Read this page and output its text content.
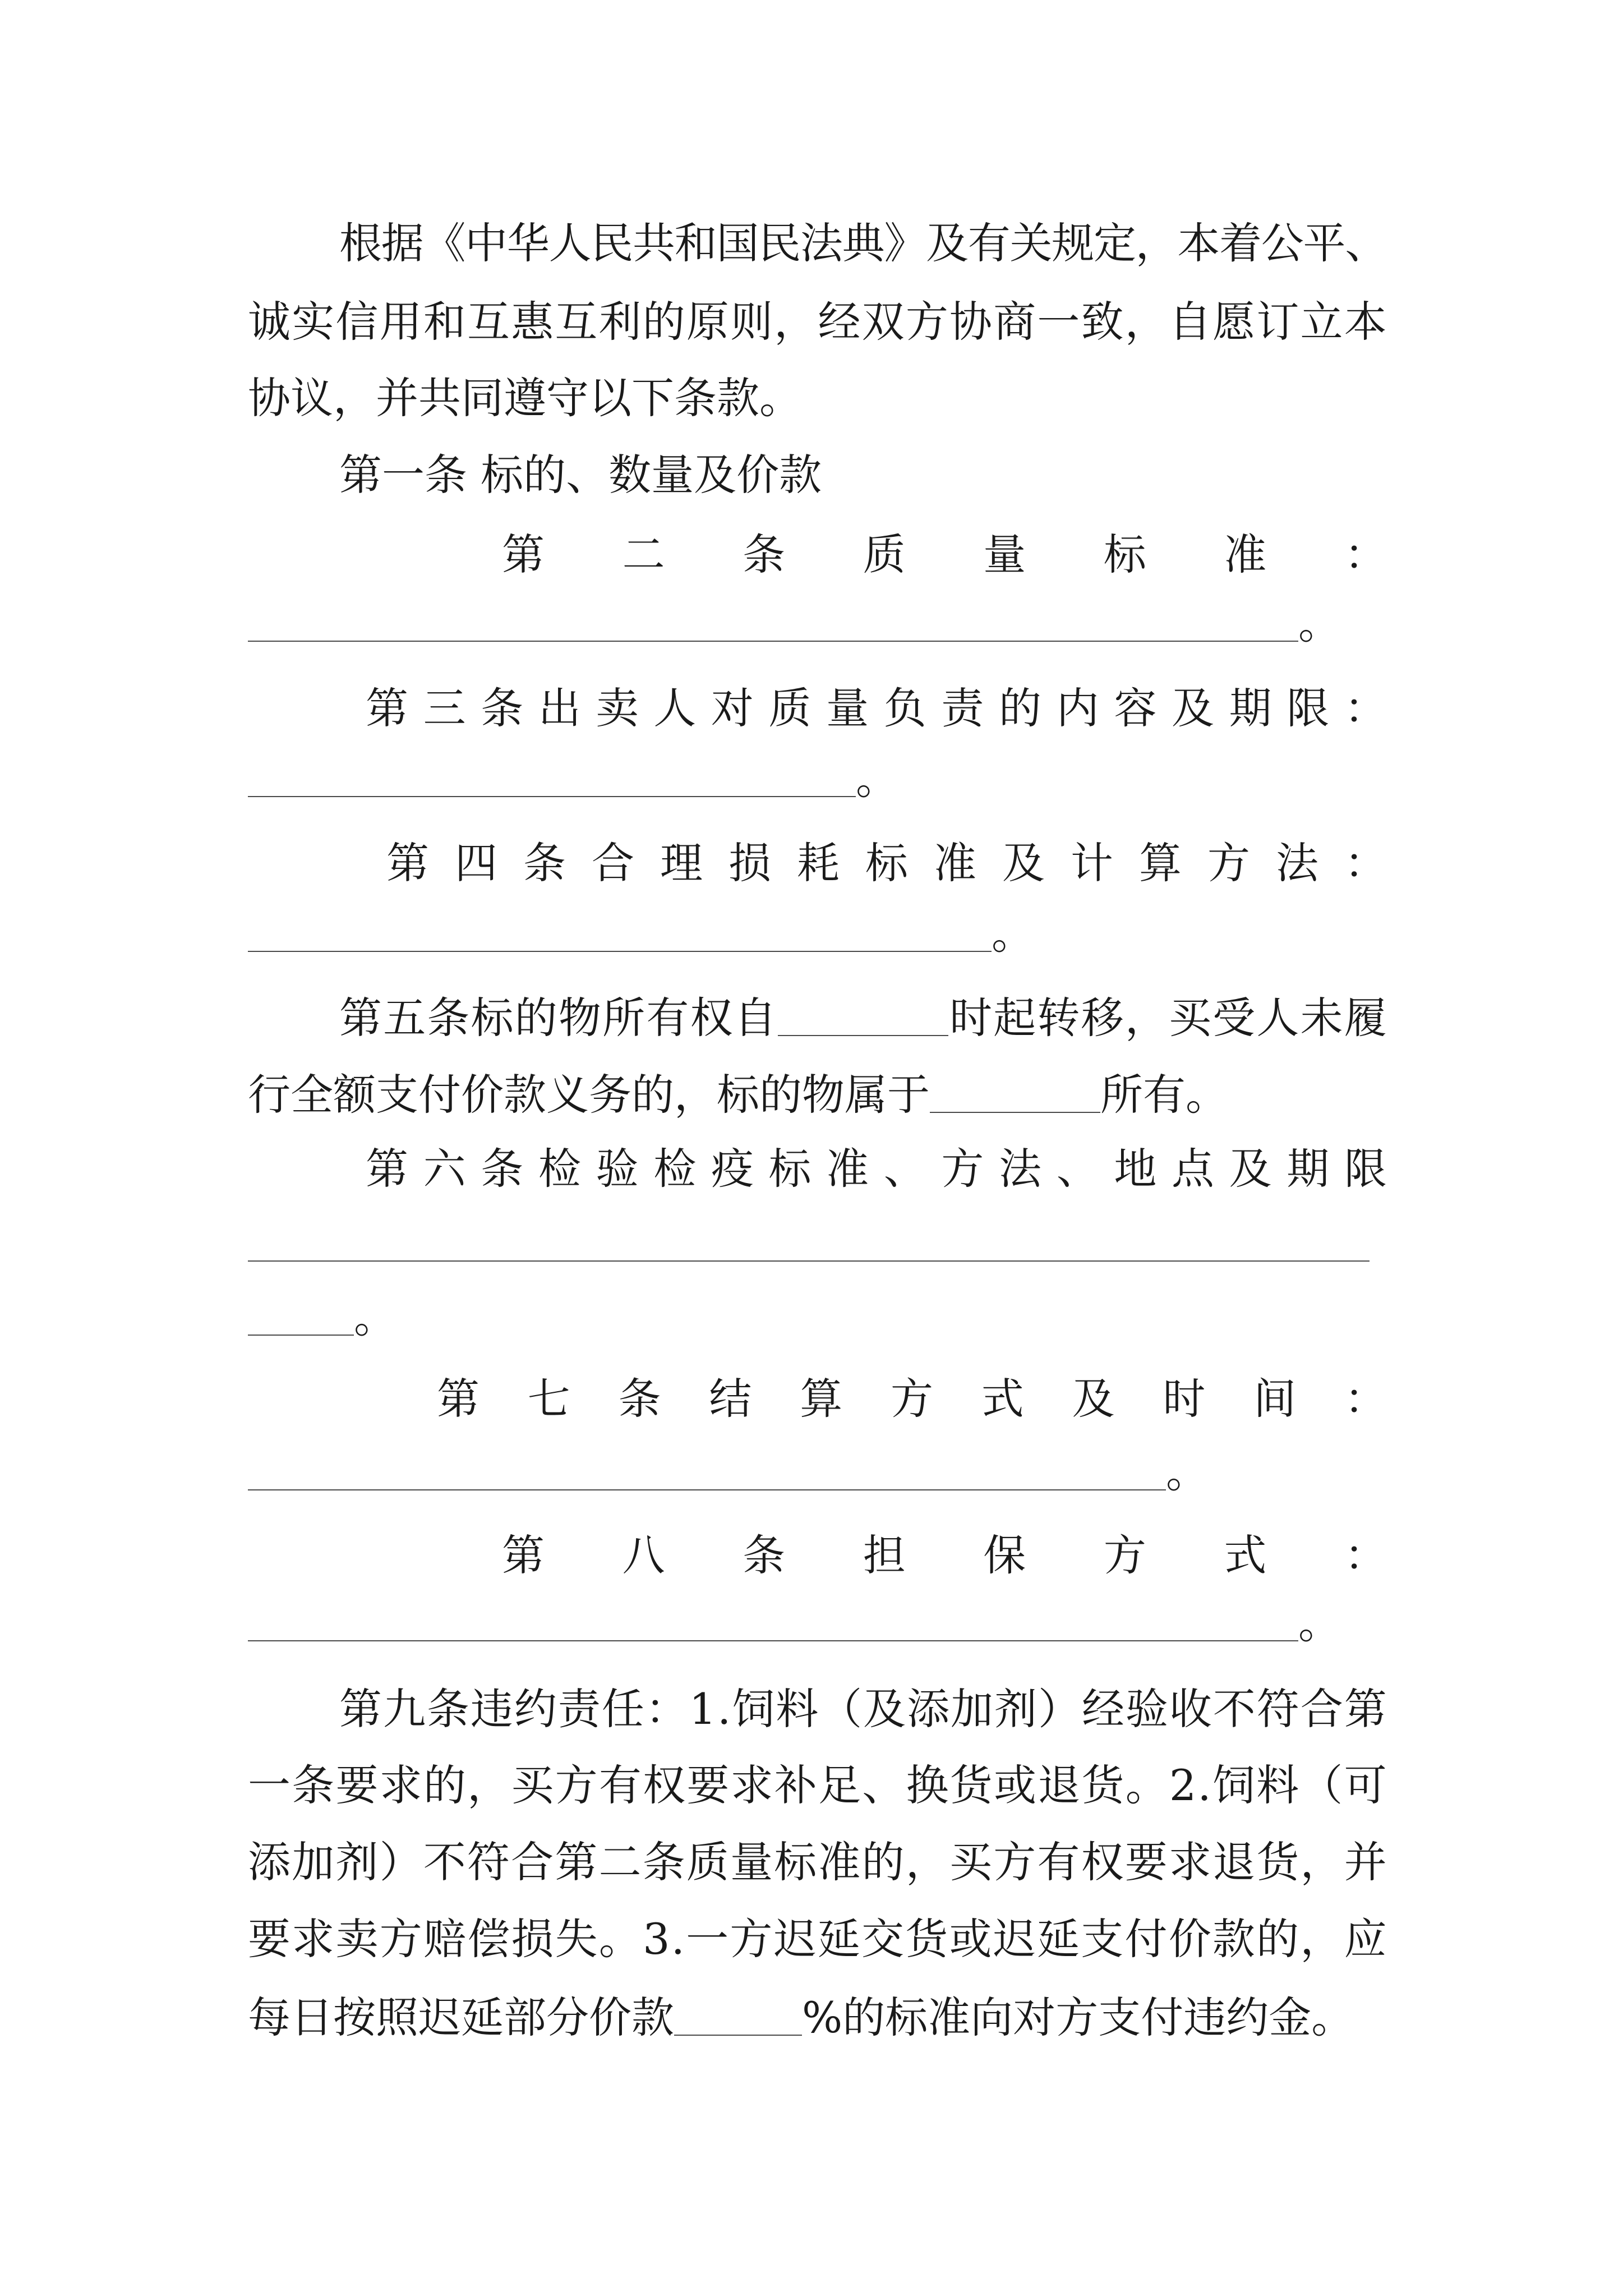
根
据
《
中
华
人
民
共
和
国
民
法
典
》
及
有
关
规
定
，
本
着
公
平
、
诚 实 信 用 和 互 惠 互 利 的 原 则 ， 经 双 方 协 商 一 致 ， 自 愿 订 立 本
协议，并共同遵守以下条款。
第一条 标的、数量及价款
第 二 条 质 量 标 准 ：
。
第 三 条 出 卖 人 对 质 量 负 责 的 内 容 及 期 限 ：
。
第 四 条 合 理 损 耗 标 准 及 计 算 方 法 ：
。
第 五 条 标 的 物 所 有 权 自	时 起 转 移 ， 买 受 人 未 履
行全额支付价款义务的，标的物属于	所有。
第 六 条 检 验 检 疫 标 准 、 方 法 、 地 点 及 期 限
。
第 七 条 结 算 方 式 及 时 间 ：
。
第 八 条 担 保 方 式 ：
。
第 九 条 违 约 责 任 ： 1 . 饲 料 （ 及 添 加 剂 ） 经 验 收 不 符 合 第
一 条 要 求 的 ， 买 方 有 权 要 求 补 足 、 换 货 或 退 货 。 2 . 饲 料 （ 可
添 加 剂 ） 不 符 合 第 二 条 质 量 标 准 的 ， 买 方 有 权 要 求 退 货 ， 并
要 求 卖 方 赔 偿 损 失 。 3 . 一 方 迟 延 交 货 或 迟 延 支 付 价 款 的 ， 应
每日按照迟延部分价款	%的标准向对方支付违约金。
